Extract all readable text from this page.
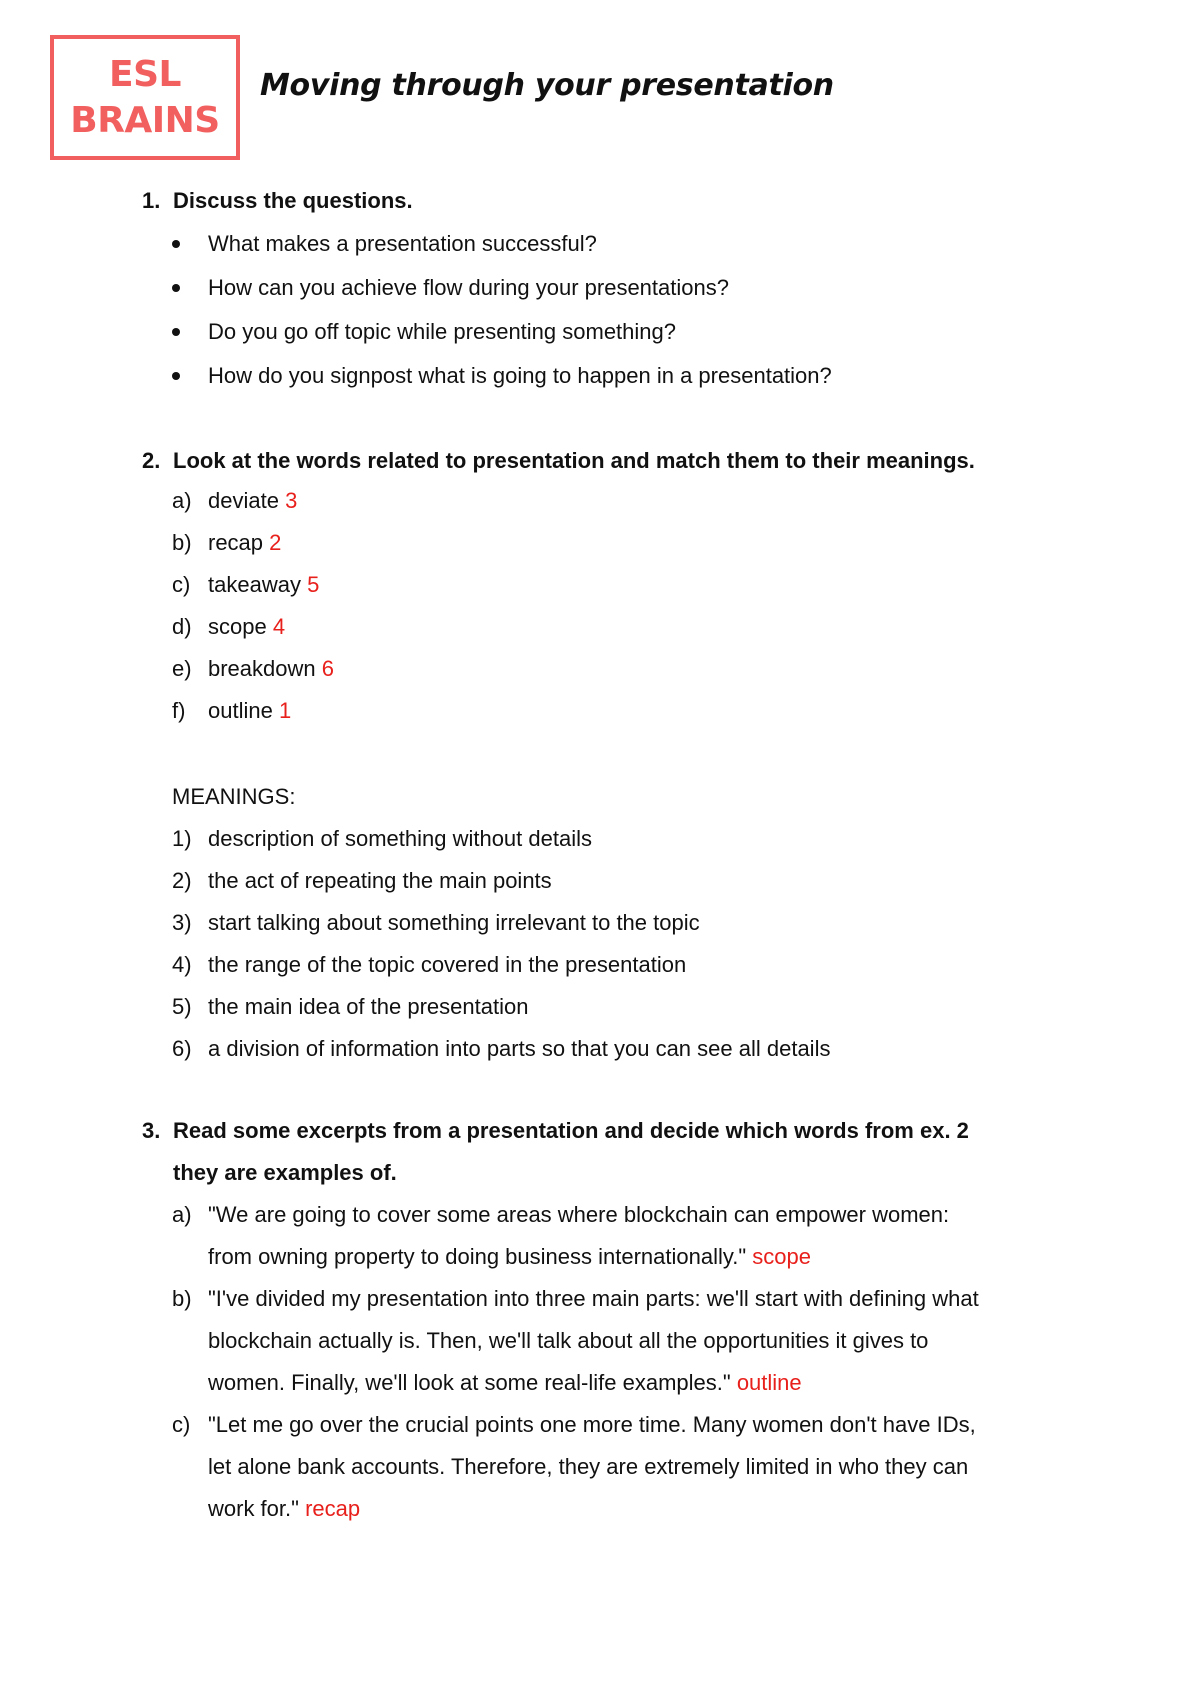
ESL
BRAINS
Moving through your presentation
1. Discuss the questions.
What makes a presentation successful?
How can you achieve flow during your presentations?
Do you go off topic while presenting something?
How do you signpost what is going to happen in a presentation?
2. Look at the words related to presentation and match them to their meanings.
a) deviate 3
b) recap 2
c) takeaway 5
d) scope 4
e) breakdown 6
f) outline 1
MEANINGS:
1) description of something without details
2) the act of repeating the main points
3) start talking about something irrelevant to the topic
4) the range of the topic covered in the presentation
5) the main idea of the presentation
6) a division of information into parts so that you can see all details
3. Read some excerpts from a presentation and decide which words from ex. 2
they are examples of.
a) "We are going to cover some areas where blockchain can empower women:
from owning property to doing business internationally." scope
b) "I've divided my presentation into three main parts: we'll start with defining what
blockchain actually is. Then, we'll talk about all the opportunities it gives to
women. Finally, we'll look at some real-life examples." outline
c) "Let me go over the crucial points one more time. Many women don't have IDs,
let alone bank accounts. Therefore, they are extremely limited in who they can
work for." recap
